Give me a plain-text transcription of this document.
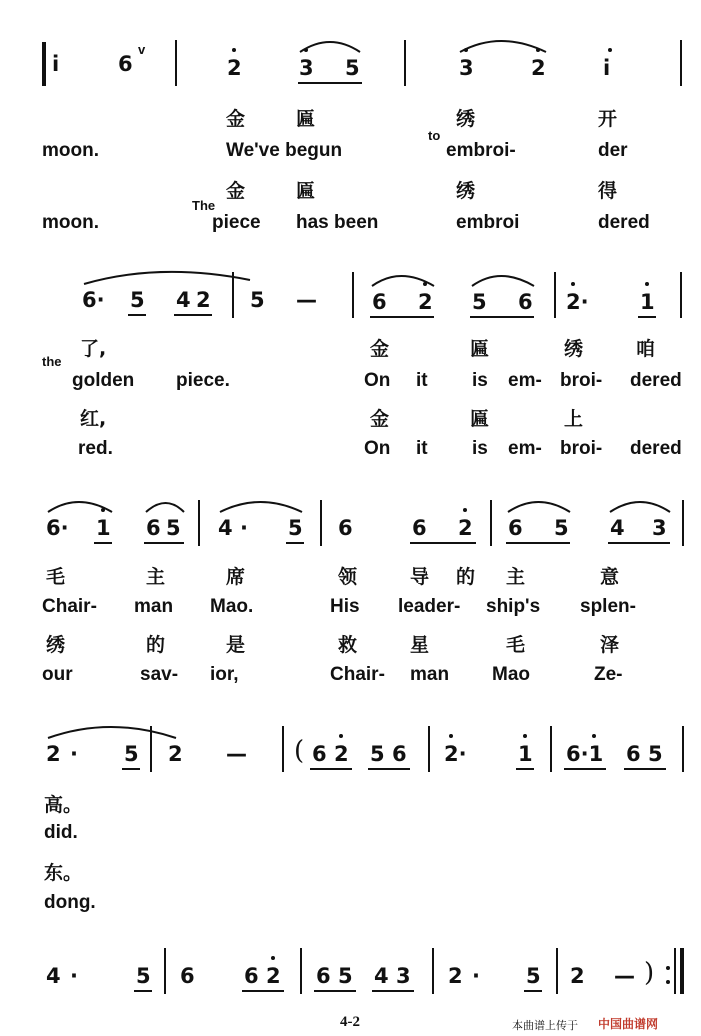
i	6
v
2	3 5	3	2	i
金	匾	绣	开
moon.	We've begun
to
embroi-	der
金	匾	绣	得
moon.
The
piece has been	embroi	dered
6· 5 4 2 5 —	6 2 5 6 2· 1
了,	金	匾	绣	咱
the
golden piece.	On it is em- broi- dered
红,	金	匾	上
red.	On it is em- broi- dered
6· 1 6 5 4 · 5 6	6 2 6 5 4 3
毛	主	席	领	导 的 主	意
Chair- man Mao.	His leader- ship's splen-
绣	的	是	救	星	毛	泽
our	sav- ior,	Chair- man Mao	Ze-
2 · 5 2 — ( 6 2 5 6 2· 1 6·1 6 5
高。
did.
东。
dong.
4 ·	5 6 6 2 6 5 4 3 2 · 5 2 — )
4-2	本曲谱上传于 中国曲谱网
